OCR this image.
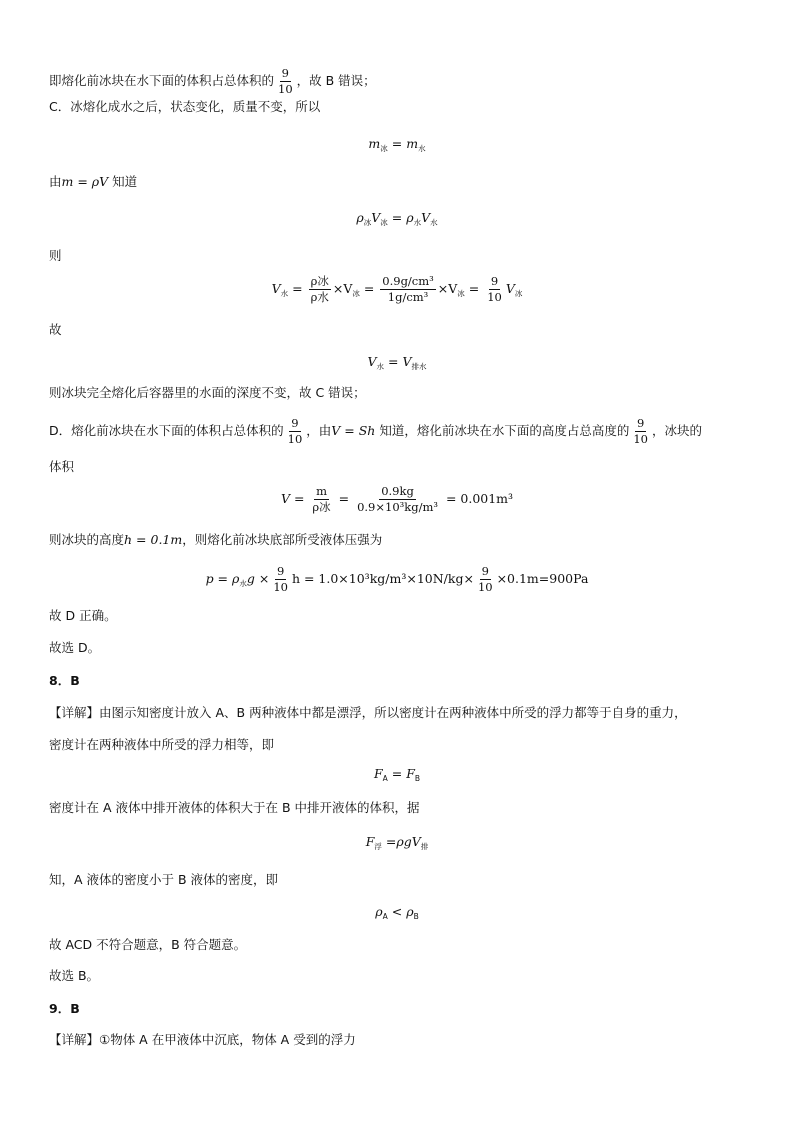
即熔化前冰块在水下面的体积占总体积的 $\frac{9}{10}$ ，故 B 错误；
C．冰熔化成水之后，状态变化，质量不变，所以
$m_冰 = m_水$
由m = ρV 知道
$\rho_冰V_冰 = \rho_水V_水$
则
$V_水 = \frac{\text{ρ冰}}{\text{ρ水}} \times V_冰 = \frac{\text{0.9g/cm³}}{\text{1g/cm³}} \times V_冰 = \frac{9}{10} V_冰$
故
$V_水 = V_{排水}$
则冰块完全熔化后容器里的水面的深度不变，故 C 错误；
D．熔化前冰块在水下面的体积占总体积的 $\frac{9}{10}$ ，由V = Sh 知道，熔化前冰块在水下面的高度占总高度的 $\frac{9}{10}$ ，冰块的
体积
$V = \frac{m}{\text{ρ冰}} = \frac{0.9kg}{\text{0.9×10³kg/m³}} = 0.001m^3$
则冰块的高度h = 0.1m，则熔化前冰块底部所受液体压强为
$p = \rho_水g \times \frac{9}{10}$ $h = 1.0\times 10^3kg/m^3\times 10N/kg\times \frac{9}{10} \times 0.1m=900Pa$
故 D 正确。
故选 D。
8．B
【详解】由图示知密度计放入 A、B 两种液体中都是漂浮，所以密度计在两种液体中所受的浮力都等于自身的重力，
密度计在两种液体中所受的浮力相等，即
$F_A = F_B$
密度计在 A 液体中排开液体的体积大于在 B 中排开液体的体积，据
$F_浮 =\rho gV_排$
知，A 液体的密度小于 B 液体的密度，即
$\rho_A < \rho_B$
故 ACD 不符合题意，B 符合题意。
故选 B。
9．B
【详解】①物体 A 在甲液体中沉底，物体 A 受到的浮力
